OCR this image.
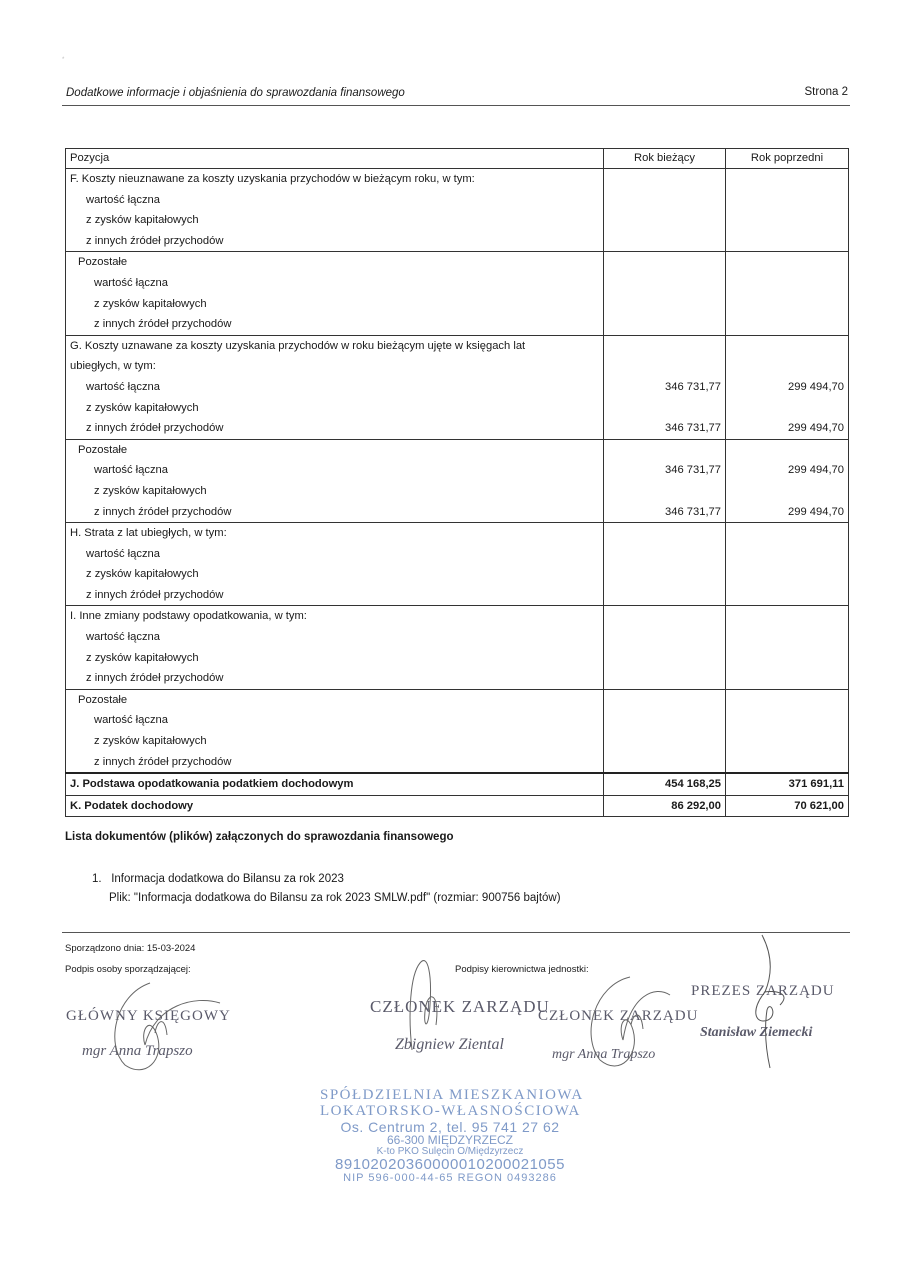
*
Dodatkowe informacje i objaśnienia do sprawozdania finansowego	Strona 2
Pozycja	Rok bieżący	Rok poprzedni
F. Koszty nieuznawane za koszty uzyskania przychodów w bieżącym roku, w tym:		
wartość łączna		
z zysków kapitałowych		
z innych źródeł przychodów		
Pozostałe		
wartość łączna		
z zysków kapitałowych		
z innych źródeł przychodów		
G. Koszty uznawane za koszty uzyskania przychodów w roku bieżącym ujęte w księgach lat		
ubiegłych, w tym:		
wartość łączna	346 731,77	299 494,70
z zysków kapitałowych		
z innych źródeł przychodów	346 731,77	299 494,70
Pozostałe		
wartość łączna	346 731,77	299 494,70
z zysków kapitałowych		
z innych źródeł przychodów	346 731,77	299 494,70
H. Strata z lat ubiegłych, w tym:		
wartość łączna		
z zysków kapitałowych		
z innych źródeł przychodów		
I. Inne zmiany podstawy opodatkowania, w tym:		
wartość łączna		
z zysków kapitałowych		
z innych źródeł przychodów		
Pozostałe		
wartość łączna		
z zysków kapitałowych		
z innych źródeł przychodów		
J. Podstawa opodatkowania podatkiem dochodowym	454 168,25	371 691,11
K. Podatek dochodowy	86 292,00	70 621,00
Lista dokumentów (plików) załączonych do sprawozdania finansowego
1. Informacja dodatkowa do Bilansu za rok 2023
Plik: "Informacja dodatkowa do Bilansu za rok 2023 SMLW.pdf" (rozmiar: 900756 bajtów)
Sporządzono dnia: 15-03-2024
Podpis osoby sporządzającej:	Podpisy kierownictwa jednostki:
GŁÓWNY KSIĘGOWY
mgr Anna Trapszo
CZŁONEK ZARZĄDU
Zbigniew Ziental
CZŁONEK ZARZĄDU
mgr Anna Trapszo
PREZES ZARZĄDU
Stanisław Ziemecki
SPÓŁDZIELNIA MIESZKANIOWA
LOKATORSKO-WŁASNOŚCIOWA
Os. Centrum 2, tel. 95 741 27 62
66-300 MIĘDZYRZECZ
K-to PKO Sulęcin O/Międzyrzecz
89102020360000010200021055
NIP 596-000-44-65 REGON 0493286
